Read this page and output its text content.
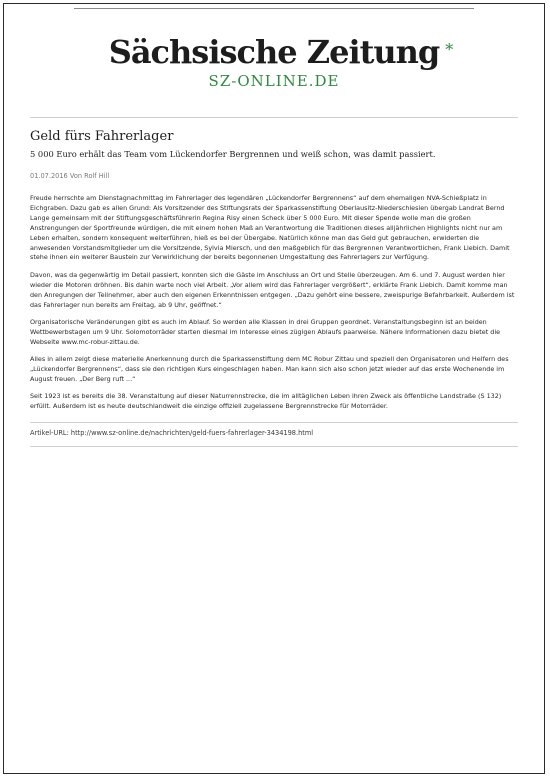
Sächsische Zeitung *
SZ-ONLINE.DE
Geld fürs Fahrerlager
5 000 Euro erhält das Team vom Lückendorfer Bergrennen und weiß schon, was damit passiert.
01.07.2016 Von Rolf Hill

Freude herrschte am Dienstagnachmittag im Fahrerlager des legendären „Lückendorfer Bergrennens“ auf dem ehemaligen NVA-Schießplatz in Eichgraben. Dazu gab es allen Grund: Als Vorsitzender des Stiftungsrats der Sparkassenstiftung Oberlausitz-Niederschlesien übergab Landrat Bernd Lange gemeinsam mit der Stiftungsgeschäftsführerin Regina Risy einen Scheck über 5 000 Euro. Mit dieser Spende wolle man die großen Anstrengungen der Sportfreunde würdigen, die mit einem hohen Maß an Verantwortung die Traditionen dieses alljährlichen Highlights nicht nur am Leben erhalten, sondern konsequent weiterführen, hieß es bei der Übergabe. Natürlich könne man das Geld gut gebrauchen, erwiderten die anwesenden Vorstandsmitglieder um die Vorsitzende, Sylvia Miersch, und den maßgeblich für das Bergrennen Verantwortlichen, Frank Liebich. Damit stehe ihnen ein weiterer Baustein zur Verwirklichung der bereits begonnenen Umgestaltung des Fahrerlagers zur Verfügung.

Davon, was da gegenwärtig im Detail passiert, konnten sich die Gäste im Anschluss an Ort und Stelle überzeugen. Am 6. und 7. August werden hier wieder die Motoren dröhnen. Bis dahin warte noch viel Arbeit. „Vor allem wird das Fahrerlager vergrößert“, erklärte Frank Liebich. Damit komme man den Anregungen der Teilnehmer, aber auch den eigenen Erkenntnissen entgegen. „Dazu gehört eine bessere, zweispurige Befahrbarkeit. Außerdem ist das Fahrerlager nun bereits am Freitag, ab 9 Uhr, geöffnet.“

Organisatorische Veränderungen gibt es auch im Ablauf. So werden alle Klassen in drei Gruppen geordnet. Veranstaltungsbeginn ist an beiden Wettbewerbstagen um 9 Uhr. Solomotorräder starten diesmal im Interesse eines zügigen Ablaufs paarweise. Nähere Informationen dazu bietet die Webseite www.mc-robur-zittau.de.

Alles in allem zeigt diese materielle Anerkennung durch die Sparkassenstiftung dem MC Robur Zittau und speziell den Organisatoren und Helfern des „Lückendorfer Bergrennens“, dass sie den richtigen Kurs eingeschlagen haben. Man kann sich also schon jetzt wieder auf das erste Wochenende im August freuen. „Der Berg ruft ...“

Seit 1923 ist es bereits die 38. Veranstaltung auf dieser Naturrennstrecke, die im alltäglichen Leben ihren Zweck als öffentliche Landstraße (S 132) erfüllt. Außerdem ist es heute deutschlandweit die einzige offiziell zugelassene Bergrennstrecke für Motorräder.

Artikel-URL: http://www.sz-online.de/nachrichten/geld-fuers-fahrerlager-3434198.html
